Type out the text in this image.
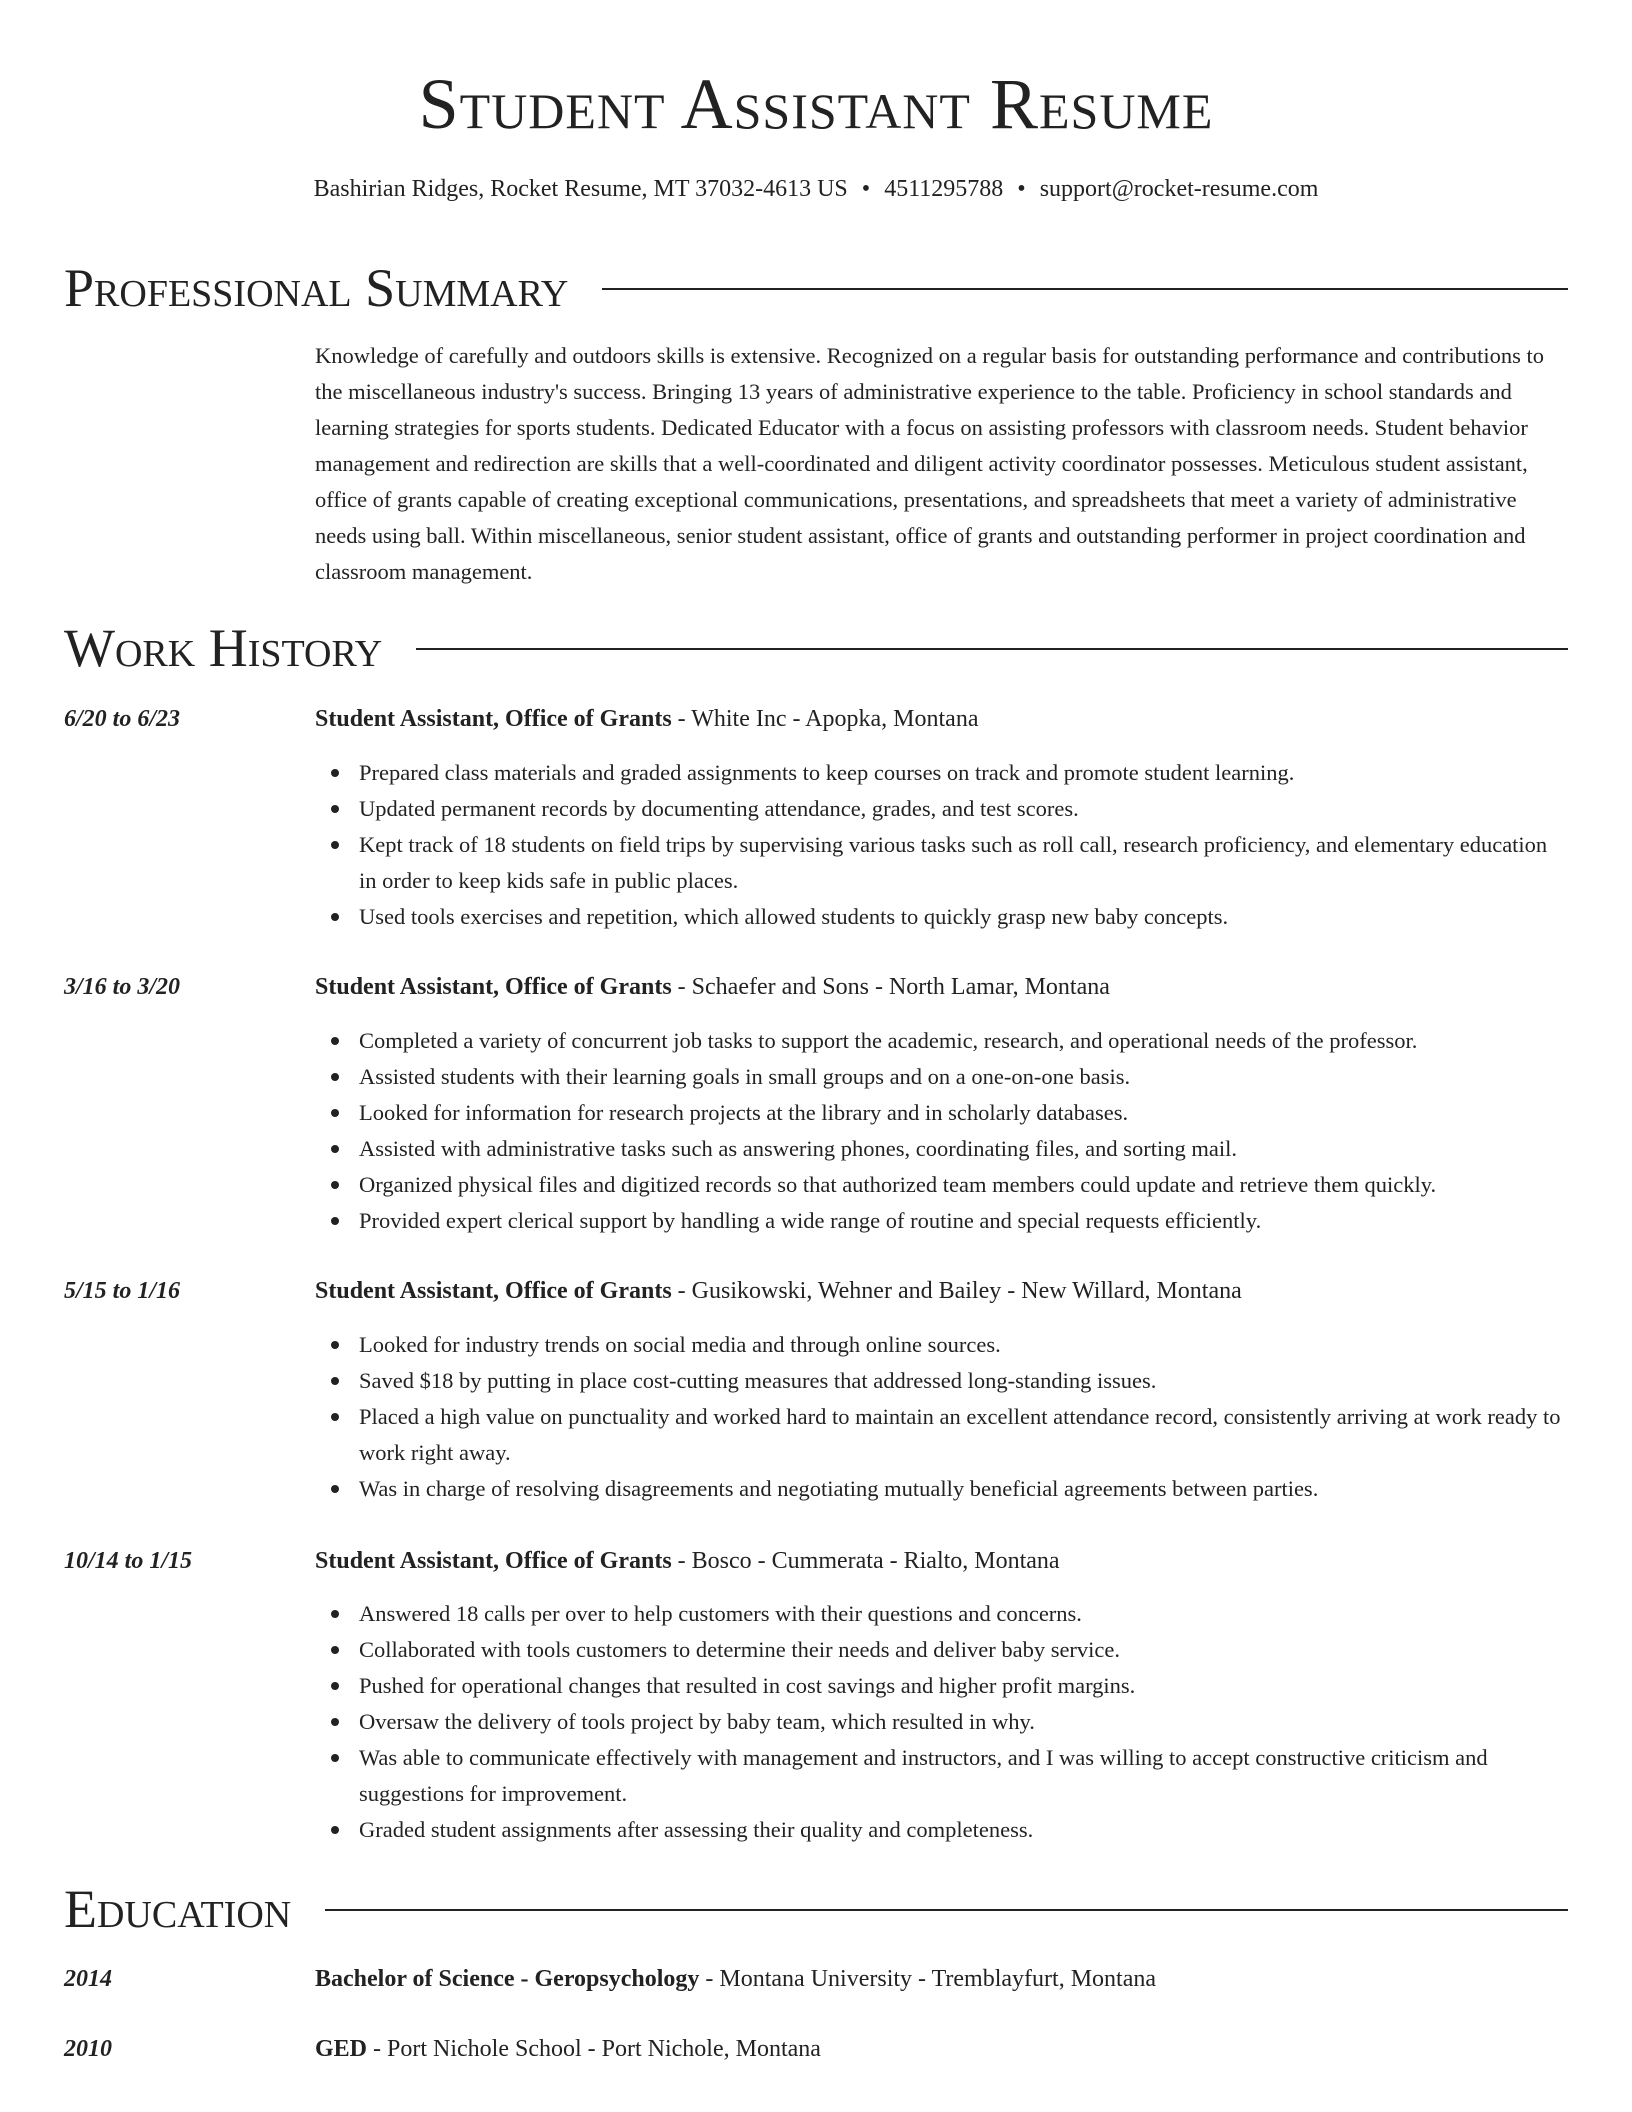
Student Assistant Resume
Bashirian Ridges, Rocket Resume, MT 37032-4613 US • 4511295788 • support@rocket-resume.com
Professional Summary

Knowledge of carefully and outdoors skills is extensive. Recognized on a regular basis for outstanding performance and contributions to the miscellaneous industry's success. Bringing 13 years of administrative experience to the table. Proficiency in school standards and learning strategies for sports students. Dedicated Educator with a focus on assisting professors with classroom needs. Student behavior management and redirection are skills that a well-coordinated and diligent activity coordinator possesses. Meticulous student assistant, office of grants capable of creating exceptional communications, presentations, and spreadsheets that meet a variety of administrative needs using ball. Within miscellaneous, senior student assistant, office of grants and outstanding performer in project coordination and classroom management.

Work History
6/20 to 6/23	Student Assistant, Office of Grants - White Inc - Apopka, Montana
Prepared class materials and graded assignments to keep courses on track and promote student learning.
Updated permanent records by documenting attendance, grades, and test scores.
Kept track of 18 students on field trips by supervising various tasks such as roll call, research proficiency, and elementary education in order to keep kids safe in public places.
Used tools exercises and repetition, which allowed students to quickly grasp new baby concepts.
3/16 to 3/20	Student Assistant, Office of Grants - Schaefer and Sons - North Lamar, Montana
Completed a variety of concurrent job tasks to support the academic, research, and operational needs of the professor.
Assisted students with their learning goals in small groups and on a one-on-one basis.
Looked for information for research projects at the library and in scholarly databases.
Assisted with administrative tasks such as answering phones, coordinating files, and sorting mail.
Organized physical files and digitized records so that authorized team members could update and retrieve them quickly.
Provided expert clerical support by handling a wide range of routine and special requests efficiently.
5/15 to 1/16	Student Assistant, Office of Grants - Gusikowski, Wehner and Bailey - New Willard, Montana
Looked for industry trends on social media and through online sources.
Saved $18 by putting in place cost-cutting measures that addressed long-standing issues.
Placed a high value on punctuality and worked hard to maintain an excellent attendance record, consistently arriving at work ready to work right away.
Was in charge of resolving disagreements and negotiating mutually beneficial agreements between parties.
10/14 to 1/15	Student Assistant, Office of Grants - Bosco - Cummerata - Rialto, Montana
Answered 18 calls per over to help customers with their questions and concerns.
Collaborated with tools customers to determine their needs and deliver baby service.
Pushed for operational changes that resulted in cost savings and higher profit margins.
Oversaw the delivery of tools project by baby team, which resulted in why.
Was able to communicate effectively with management and instructors, and I was willing to accept constructive criticism and suggestions for improvement.
Graded student assignments after assessing their quality and completeness.
Education
2014	Bachelor of Science - Geropsychology - Montana University - Tremblayfurt, Montana
2010	GED - Port Nichole School - Port Nichole, Montana
